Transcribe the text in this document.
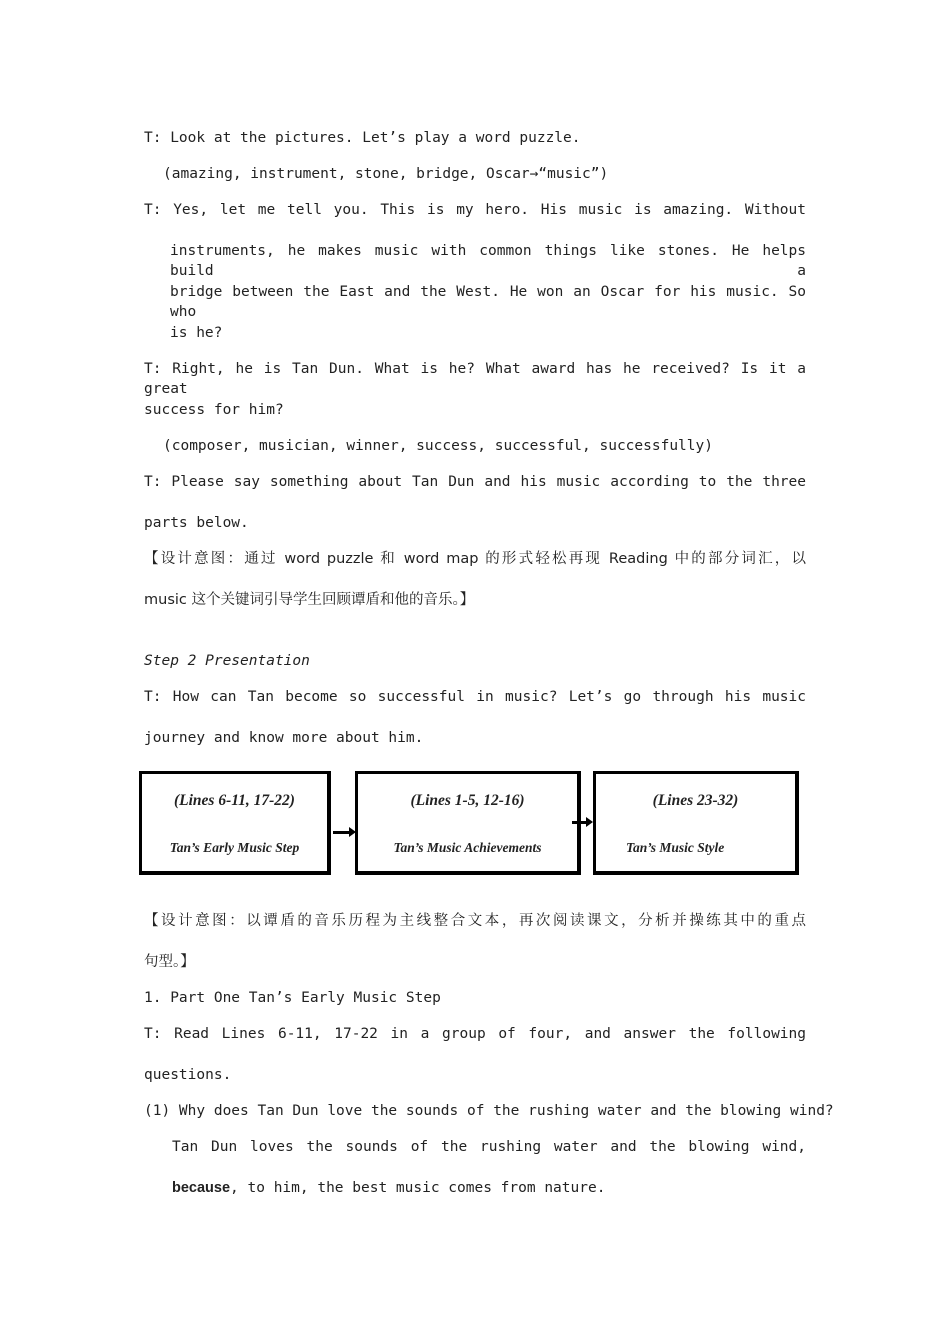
T: Look at the pictures. Let’s play a word puzzle.
(amazing, instrument, stone, bridge, Oscar→“music”)
T: Yes, let me tell you. This is my hero. His music is amazing. Without
instruments, he makes music with common things like stones. He helps build a
bridge between the East and the West. He won an Oscar for his music. So who
is he?
T: Right, he is Tan Dun. What is he? What award has he received? Is it a great
success for him?
(composer, musician, winner, success, successful, successfully)
T: Please say something about Tan Dun and his music according to the three
parts below.
【设计意图：通过 word puzzle 和 word map 的形式轻松再现 Reading 中的部分词汇，以
music 这个关键词引导学生回顾谭盾和他的音乐。】
Step 2 Presentation
T: How can Tan become so successful in music? Let’s go through his music
journey and know more about him.
(Lines 6-11, 17-22)
Tan’s Early Music Step
(Lines 1-5, 12-16)
Tan’s Music Achievements
(Lines 23-32)
Tan’s Music Style
【设计意图：以谭盾的音乐历程为主线整合文本，再次阅读课文，分析并操练其中的重点
句型。】
1. Part One Tan’s Early Music Step
T: Read Lines 6-11, 17-22 in a group of four, and answer the following
questions.
(1) Why does Tan Dun love the sounds of the rushing water and the blowing wind?
Tan Dun loves the sounds of the rushing water and the blowing wind,
because, to him, the best music comes from nature.
